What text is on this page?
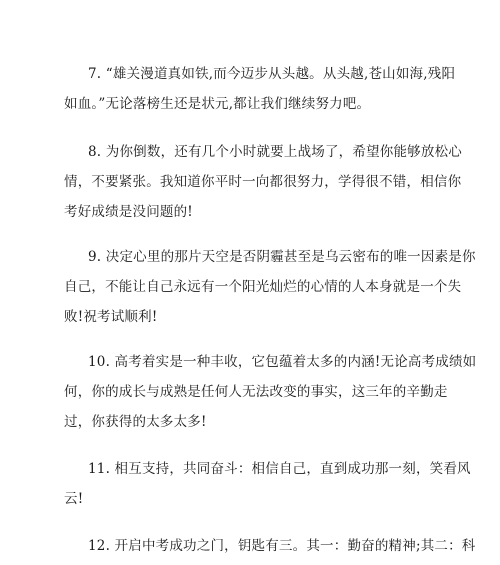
7. “雄关漫道真如铁,而今迈步从头越。从头越,苍山如海,残阳
如血。”无论落榜生还是状元,都让我们继续努力吧。

8. 为你倒数，还有几个小时就要上战场了，希望你能够放松心
情，不要紧张。我知道你平时一向都很努力，学得很不错，相信你
考好成绩是没问题的!

9. 决定心里的那片天空是否阴霾甚至是乌云密布的唯一因素是你
自己，不能让自己永远有一个阳光灿烂的心情的人本身就是一个失
败!祝考试顺利!

10. 高考着实是一种丰收，它包蕴着太多的内涵!无论高考成绩如
何，你的成长与成熟是任何人无法改变的事实，这三年的辛勤走
过，你获得的太多太多!

11. 相互支持，共同奋斗：相信自己，直到成功那一刻，笑看风
云!

12. 开启中考成功之门，钥匙有三。其一：勤奋的精神;其二：科
